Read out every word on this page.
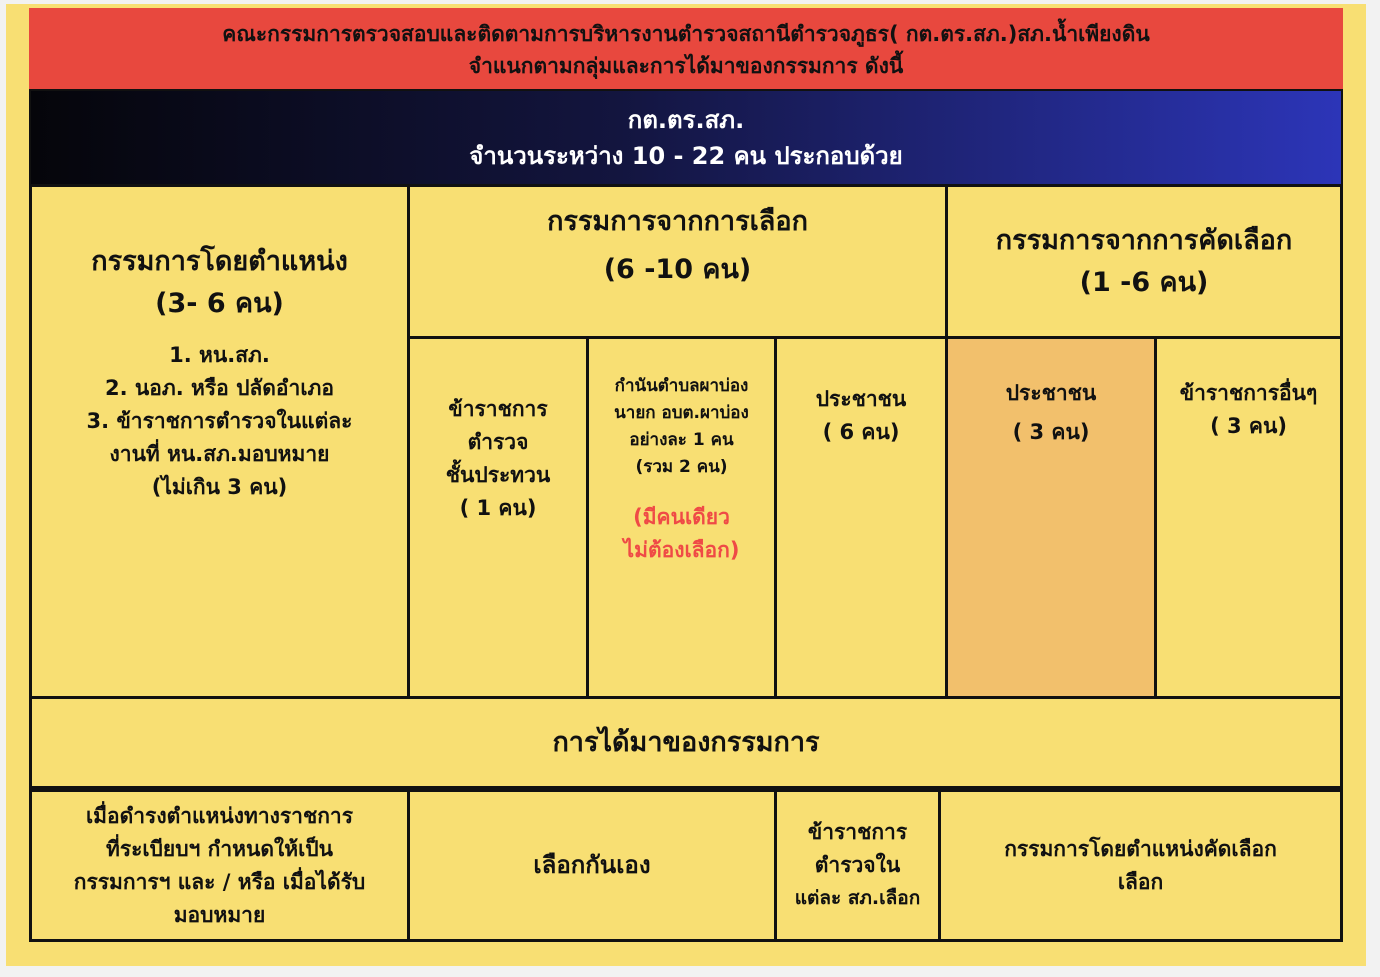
คณะกรรมการตรวจสอบและติดตามการบริหารงานตำรวจสถานีตำรวจภูธร( กต.ตร.สภ.)สภ.น้ำเพียงดิน
จำแนกตามกลุ่มและการได้มาของกรรมการ ดังนี้
กต.ตร.สภ.
จำนวนระหว่าง 10 - 22 คน ประกอบด้วย
กรรมการโดยตำแหน่ง
(3- 6 คน)
1. หน.สภ.
2. นอภ. หรือ ปลัดอำเภอ
3. ข้าราชการตำรวจในแต่ละ
งานที่ หน.สภ.มอบหมาย
(ไม่เกิน 3 คน)
กรรมการจากการเลือก
(6 -10 คน)
กรรมการจากการคัดเลือก
(1 -6 คน)
ข้าราชการ
ตำรวจ
ชั้นประทวน
( 1 คน)
กำนันตำบลผาบ่อง
นายก อบต.ผาบ่อง
อย่างละ 1 คน
(รวม 2 คน)
(มีคนเดียว
ไม่ต้องเลือก)
ประชาชน
( 6 คน)
ประชาชน
( 3 คน)
ข้าราชการอื่นๆ
( 3 คน)
การได้มาของกรรมการ
เมื่อดำรงตำแหน่งทางราชการ
ที่ระเบียบฯ กำหนดให้เป็น
กรรมการฯ และ / หรือ เมื่อได้รับ
มอบหมาย
เลือกกันเอง
ข้าราชการ
ตำรวจใน
แต่ละ สภ.เลือก
กรรมการโดยตำแหน่งคัดเลือก
เลือก
